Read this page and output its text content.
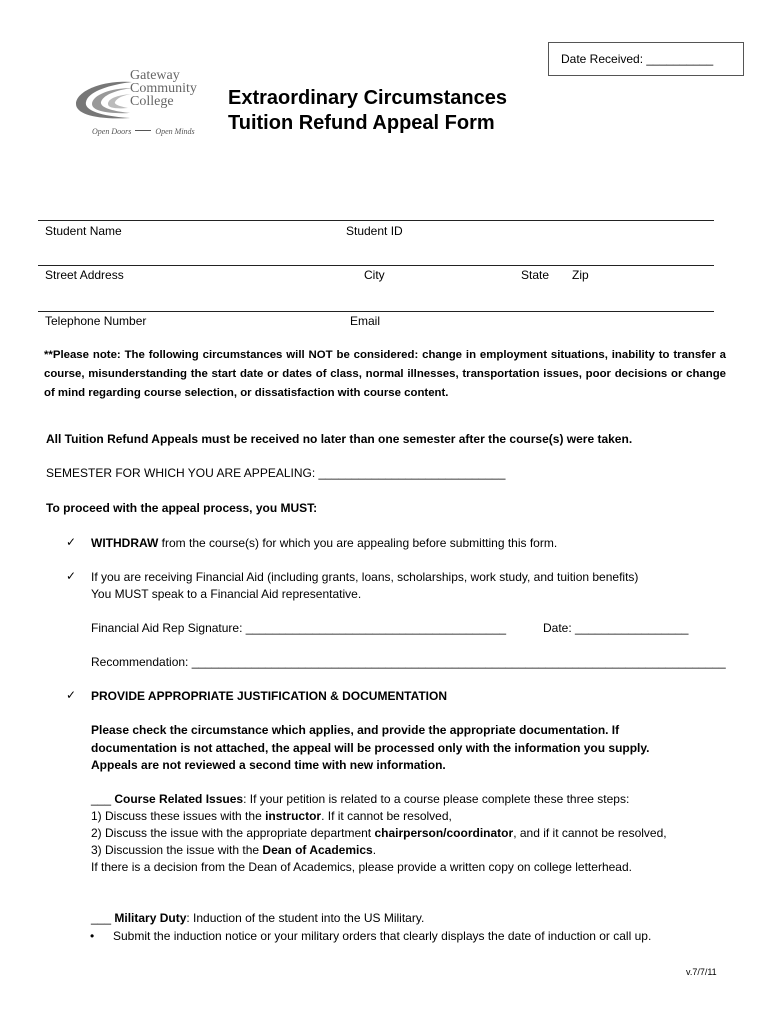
Date Received: __________
Gateway
Community
College
Open Doors	Open Minds
Extraordinary Circumstances
Tuition Refund Appeal Form
Student Name	Student ID
Street Address	City	State Zip
Telephone Number	Email
**Please note: The following circumstances will NOT be considered: change in employment situations, inability to transfer a course, misunderstanding the start date or dates of class, normal illnesses, transportation issues, poor decisions or change of mind regarding course selection, or dissatisfaction with course content.
All Tuition Refund Appeals must be received no later than one semester after the course(s) were taken.
SEMESTER FOR WHICH YOU ARE APPEALING: ____________________________
To proceed with the appeal process, you MUST:
✓ WITHDRAW from the course(s) for which you are appealing before submitting this form.
✓ If you are receiving Financial Aid (including grants, loans, scholarships, work study, and tuition benefits)
You MUST speak to a Financial Aid representative.
Financial Aid Rep Signature: _______________________________________	Date: _________________
Recommendation: ________________________________________________________________________________
✓ PROVIDE APPROPRIATE JUSTIFICATION & DOCUMENTATION
Please check the circumstance which applies, and provide the appropriate documentation. If
documentation is not attached, the appeal will be processed only with the information you supply.
Appeals are not reviewed a second time with new information.
___ Course Related Issues: If your petition is related to a course please complete these three steps:
1) Discuss these issues with the instructor. If it cannot be resolved,
2) Discuss the issue with the appropriate department chairperson/coordinator, and if it cannot be resolved,
3) Discussion the issue with the Dean of Academics.
If there is a decision from the Dean of Academics, please provide a written copy on college letterhead.
___ Military Duty: Induction of the student into the US Military.
• Submit the induction notice or your military orders that clearly displays the date of induction or call up.
v.7/7/11
